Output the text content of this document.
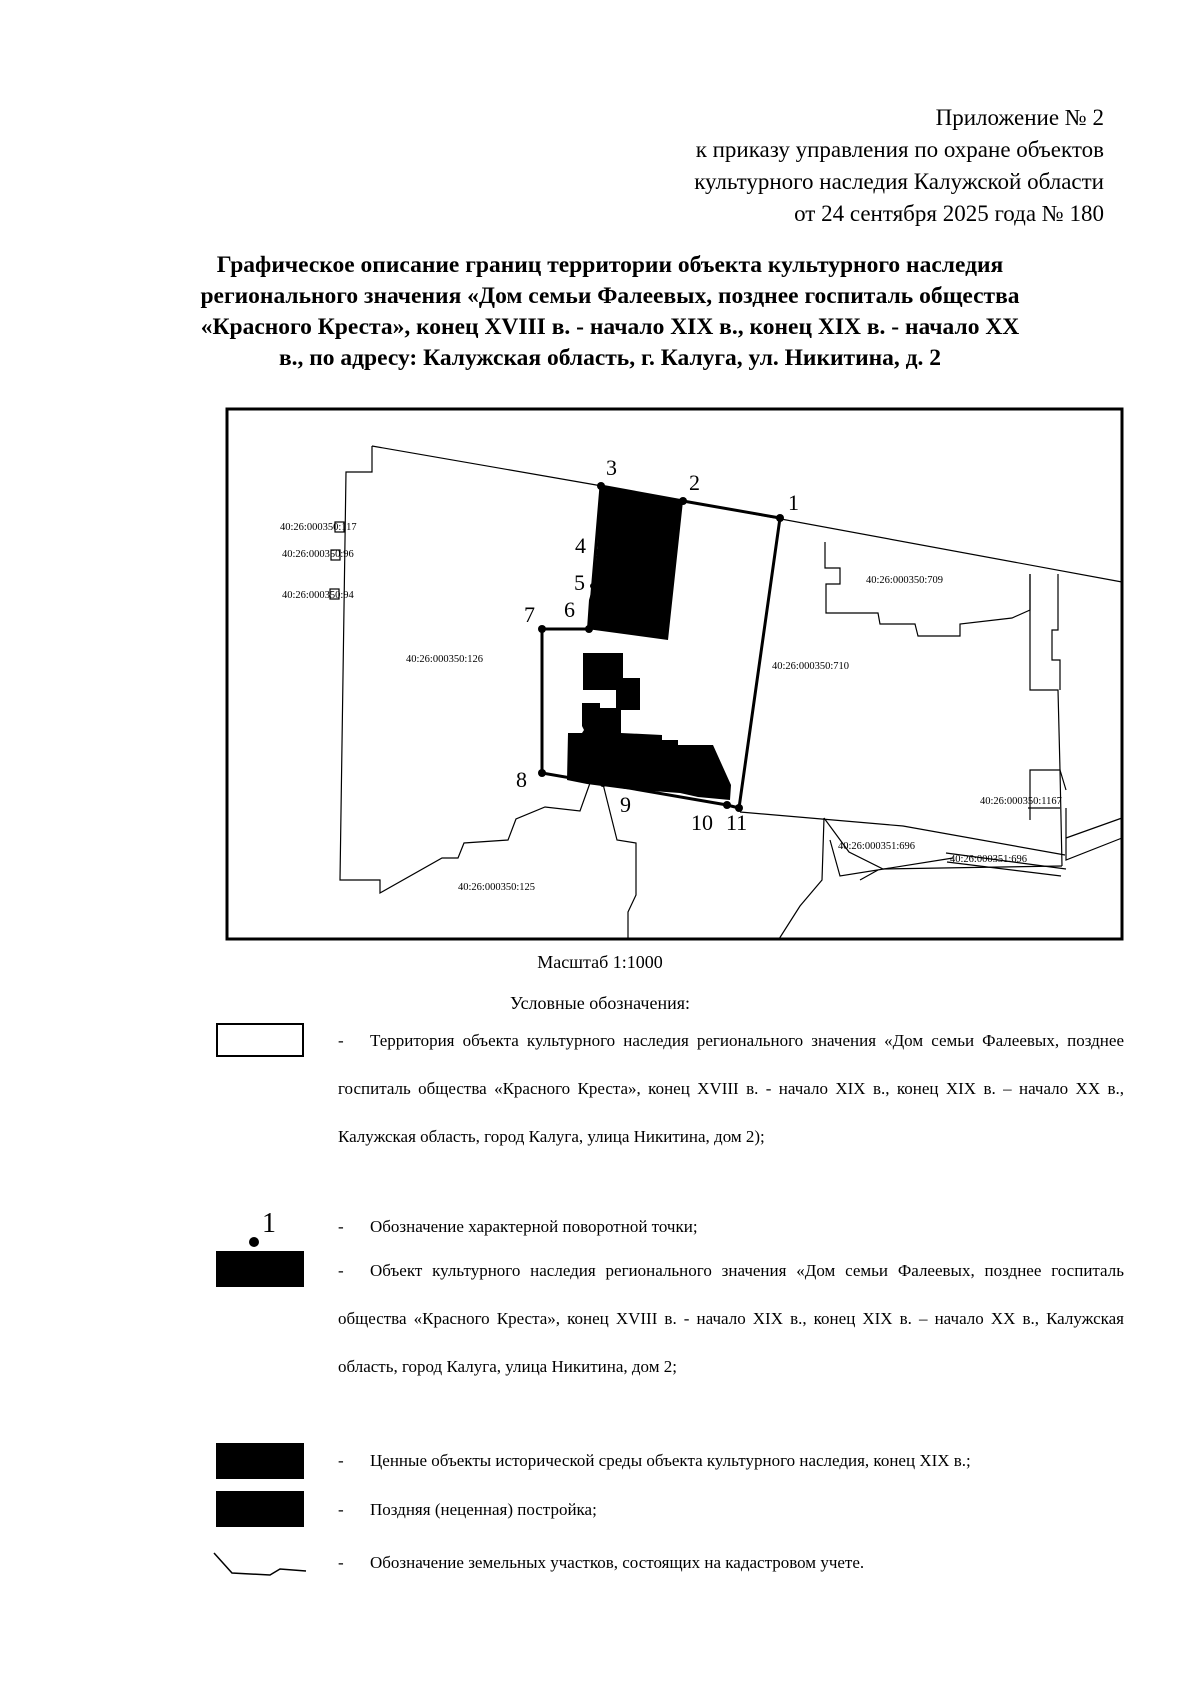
Приложение № 2
к приказу управления по охране объектов
культурного наследия Калужской области
от 24 сентября 2025 года № 180
Графическое описание границ территории объекта культурного наследия
регионального значения «Дом семьи Фалеевых, позднее госпиталь общества
«Красного Креста», конец XVIII в. - начало XIX в., конец XIX в. - начало XX
в., по адресу: Калужская область, г. Калуга, ул. Никитина, д. 2
1
2
3
4
5
6
7
8
9
10 11
40:26:000350:117
40:26:000350:96
40:26:000350:94
40:26:000350:126
40:26:000350:709
40:26:000350:710
40:26:000350:1167
40:26:000351:696
40:26:000351:696
40:26:000350:125
Масштаб 1:1000
Условные обозначения:
1
-	Территория объекта культурного наследия регионального значения «Дом семьи Фалеевых, позднее госпиталь общества «Красного Креста», конец XVIII в. - начало XIX в., конец XIX в. – начало XX в., Калужская область, город Калуга, улица Никитина, дом 2);
-	Обозначение характерной поворотной точки;
-	Объект культурного наследия регионального значения «Дом семьи Фалеевых, позднее госпиталь общества «Красного Креста», конец XVIII в. - начало XIX в., конец XIX в. – начало XX в., Калужская область, город Калуга, улица Никитина, дом 2;
-	Ценные объекты исторической среды объекта культурного наследия, конец XIX в.;
-	Поздняя (неценная) постройка;
-	Обозначение земельных участков, состоящих на кадастровом учете.
